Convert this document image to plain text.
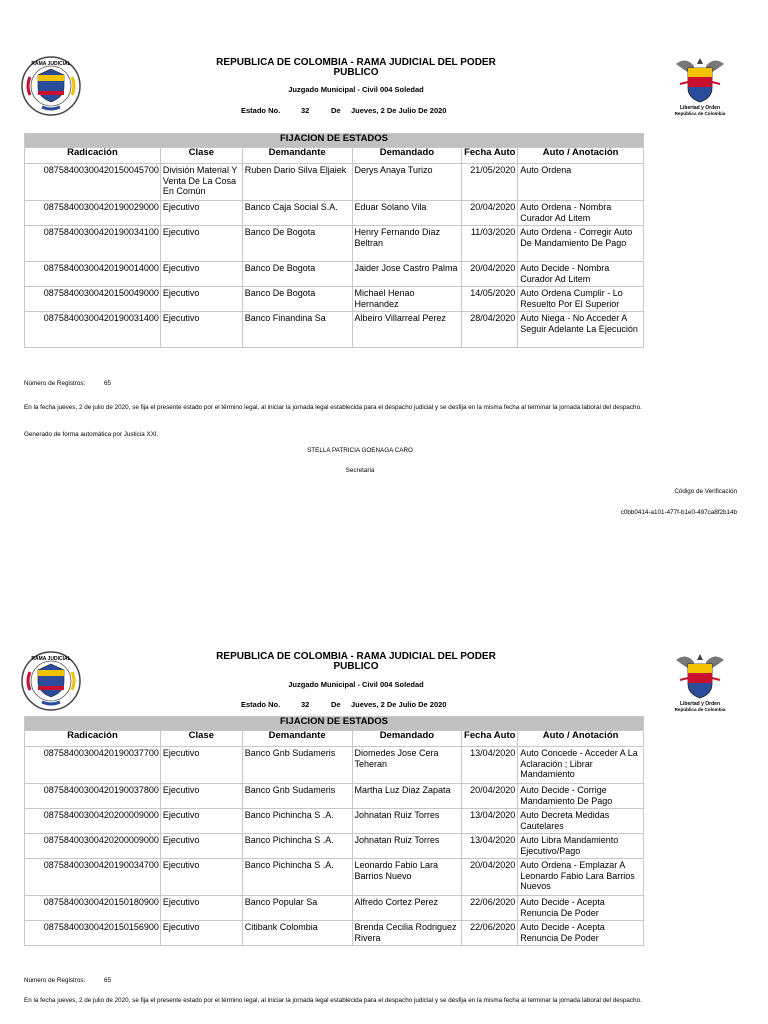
RAMA JUDICIAL	REPUBLICA DE COLOMBIA - RAMA JUDICIAL DEL PODER PUBLICO
Juzgado Municipal - Civil 004 Soledad
Estado No.	32	De Jueves, 2 De Julio De 2020	Libertad y Orden
República de Colombia
FIJACION DE ESTADOS					
Radicación	Clase	Demandante	Demandado	Fecha Auto	Auto / Anotación
08758400300420150045700	División Material Y Venta De La Cosa En Común	Ruben Dario Silva Eljaiek	Derys Anaya Turizo	21/05/2020	Auto Ordena
08758400300420190029000	Ejecutivo	Banco Caja Social S.A.	Eduar Solano Vila	20/04/2020	Auto Ordena - Nombra Curador Ad Litem
08758400300420190034100	Ejecutivo	Banco De Bogota	Henry Fernando Diaz Beltran	11/03/2020	Auto Ordena - Corregir Auto De Mandamiento De Pago
08758400300420190014000	Ejecutivo	Banco De Bogota	Jaider Jose Castro Palma	20/04/2020	Auto Decide - Nombra Curador Ad Litem
08758400300420150049000	Ejecutivo	Banco De Bogota	Michael Henao Hernandez	14/05/2020	Auto Ordena Cumplir - Lo Resuelto Por El Superior
08758400300420190031400	Ejecutivo	Banco Finandina Sa	Albeiro Villarreal Perez	28/04/2020	Auto Niega - No Acceder A Seguir Adelante La Ejecución
Número de Registros:	65
En la fecha jueves, 2 de julio de 2020, se fija el presente estado por el término legal, al iniciar la jornada legal establecida para el despacho judicial y se desfija en la misma fecha al terminar la jornada laboral del despacho.
Generado de forma automática por Justicia XXI.
STELLA PATRICIA GOENAGA CARO
Secretaria
Código de Verificación
c0bb0414-a101-477f-b1e0-497ca8f2b14b
RAMA JUDICIAL	REPUBLICA DE COLOMBIA - RAMA JUDICIAL DEL PODER PUBLICO
Juzgado Municipal - Civil 004 Soledad
Estado No.	32	De Jueves, 2 De Julio De 2020	Libertad y Orden
República de Colombia
FIJACION DE ESTADOS					
Radicación	Clase	Demandante	Demandado	Fecha Auto	Auto / Anotación
08758400300420190037700	Ejecutivo	Banco Gnb Sudameris	Diomedes Jose Cera Teheran	13/04/2020	Auto Concede - Acceder A La Aclaración ; Librar Mandamiento
08758400300420190037800	Ejecutivo	Banco Gnb Sudameris	Martha Luz Diaz Zapata	20/04/2020	Auto Decide - Corrige Mandamiento De Pago
08758400300420200009000	Ejecutivo	Banco Pichincha S .A.	Johnatan Ruiz Torres	13/04/2020	Auto Decreta Medidas Cautelares
08758400300420200009000	Ejecutivo	Banco Pichincha S .A.	Johnatan Ruiz Torres	13/04/2020	Auto Libra Mandamiento Ejecutivo/Pago
08758400300420190034700	Ejecutivo	Banco Pichincha S .A.	Leonardo Fabio Lara Barrios Nuevo	20/04/2020	Auto Ordena - Emplazar A Leonardo Fabio Lara Barrios Nuevos
08758400300420150180900	Ejecutivo	Banco Popular Sa	Alfredo Cortez Perez	22/06/2020	Auto Decide - Acepta Renuncia De Poder
08758400300420150156900	Ejecutivo	Citibank Colombia	Brenda Cecilia Rodriguez Rivera	22/06/2020	Auto Decide - Acepta Renuncia De Poder
Número de Registros:	65
En la fecha jueves, 2 de julio de 2020, se fija el presente estado por el término legal, al iniciar la jornada legal establecida para el despacho judicial y se desfija en la misma fecha al terminar la jornada laboral del despacho.
